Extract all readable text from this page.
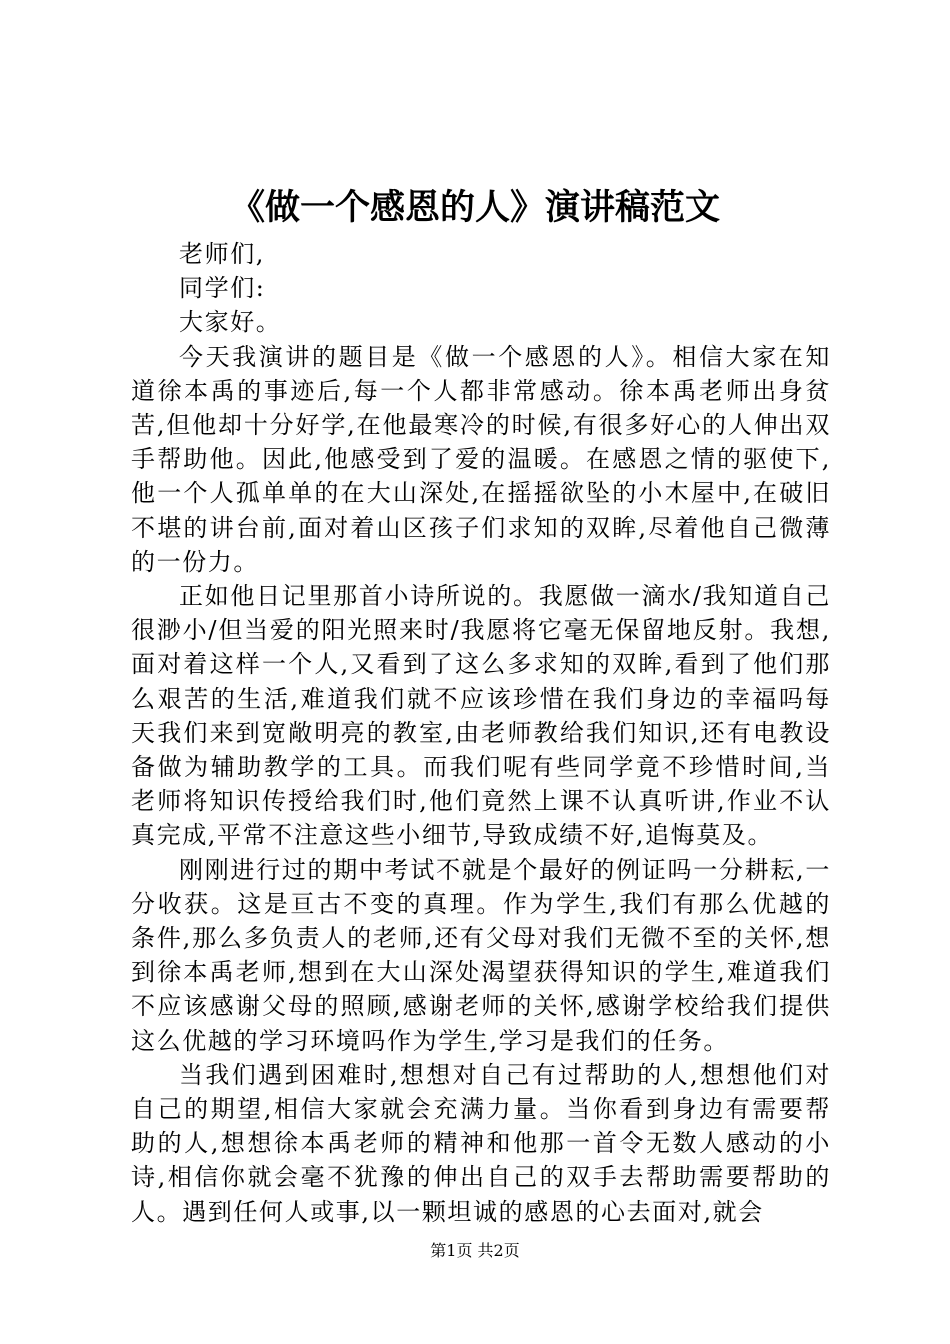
《做一个感恩的人》演讲稿范文

老师们,

同学们:

大家好。

今天我演讲的题目是《做一个感恩的人》。相信大家在知道徐本禹的事迹后,每一个人都非常感动。徐本禹老师出身贫苦,但他却十分好学,在他最寒冷的时候,有很多好心的人伸出双手帮助他。因此,他感受到了爱的温暖。在感恩之情的驱使下,他一个人孤单单的在大山深处,在摇摇欲坠的小木屋中,在破旧不堪的讲台前,面对着山区孩子们求知的双眸,尽着他自己微薄的一份力。

正如他日记里那首小诗所说的。我愿做一滴水/我知道自己很渺小/但当爱的阳光照来时/我愿将它毫无保留地反射。我想,面对着这样一个人,又看到了这么多求知的双眸,看到了他们那么艰苦的生活,难道我们就不应该珍惜在我们身边的幸福吗每天我们来到宽敞明亮的教室,由老师教给我们知识,还有电教设备做为辅助教学的工具。而我们呢有些同学竟不珍惜时间,当老师将知识传授给我们时,他们竟然上课不认真听讲,作业不认真完成,平常不注意这些小细节,导致成绩不好,追悔莫及。

刚刚进行过的期中考试不就是个最好的例证吗一分耕耘,一分收获。这是亘古不变的真理。作为学生,我们有那么优越的条件,那么多负责人的老师,还有父母对我们无微不至的关怀,想到徐本禹老师,想到在大山深处渴望获得知识的学生,难道我们不应该感谢父母的照顾,感谢老师的关怀,感谢学校给我们提供这么优越的学习环境吗作为学生,学习是我们的任务。

当我们遇到困难时,想想对自己有过帮助的人,想想他们对自己的期望,相信大家就会充满力量。当你看到身边有需要帮助的人,想想徐本禹老师的精神和他那一首令无数人感动的小诗,相信你就会毫不犹豫的伸出自己的双手去帮助需要帮助的人。遇到任何人或事,以一颗坦诚的感恩的心去面对,就会

第1页 共2页
